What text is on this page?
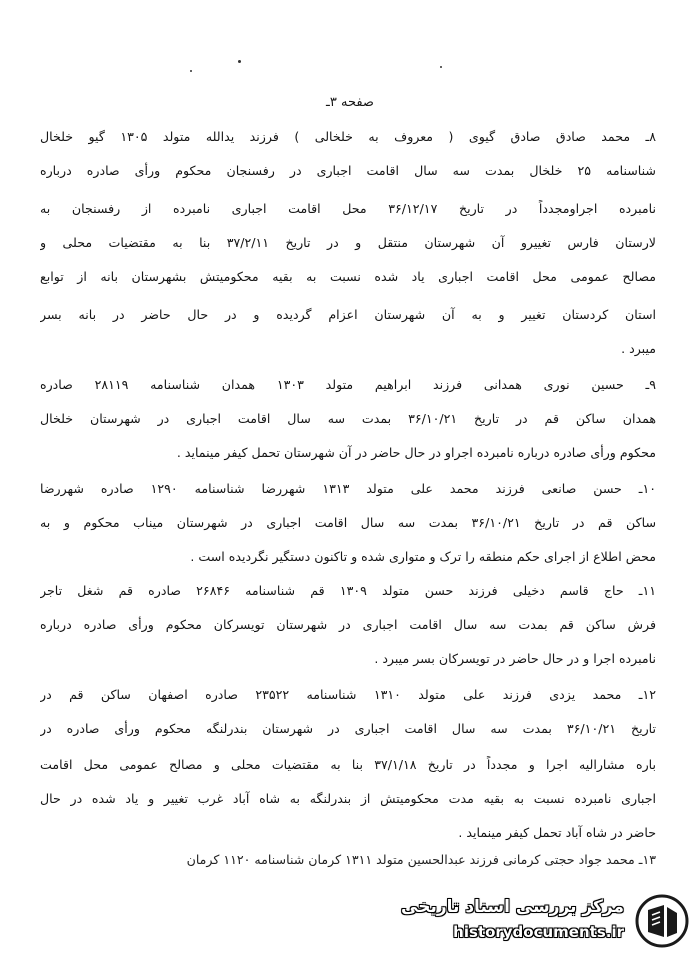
صفحه ۳ـ
۸ـ محمد صادق صادق گیوی ( معروف به خلخالی ) فرزند یدالله متولد ۱۳۰۵ گیو خلخال
شناسنامه ۲۵ خلخال بمدت سه سال اقامت اجباری در رفسنجان محکوم ورأی صادره درباره
نامبرده اجراومجدداً در تاریخ ۳۶/۱۲/۱۷ محل اقامت اجباری نامبرده از رفسنجان به
لارستان فارس تغییرو آن شهرستان منتقل و در تاریخ ۳۷/۲/۱۱ بنا به مقتضیات محلی و
مصالح عمومی محل اقامت اجباری یاد شده نسبت به بقیه محکومیتش بشهرستان بانه از توابع
استان کردستان تغییر و به آن شهرستان اعزام گردیده و در حال حاضر در بانه بسر
میبرد .
۹ـ حسین نوری همدانی فرزند ابراهیم متولد ۱۳۰۳ همدان شناسنامه ۲۸۱۱۹ صادره
همدان ساکن قم در تاریخ ۳۶/۱۰/۲۱ بمدت سه سال اقامت اجباری در شهرستان خلخال
محکوم ورأی صادره درباره نامبرده اجراو در حال حاضر در آن شهرستان تحمل کیفر مینماید .
۱۰ـ حسن صانعی فرزند محمد علی متولد ۱۳۱۳ شهررضا شناسنامه ۱۲۹۰ صادره شهررضا
ساکن قم در تاریخ ۳۶/۱۰/۲۱ بمدت سه سال اقامت اجباری در شهرستان میناب محکوم و به
محض اطلاع از اجرای حکم منطقه را ترک و متواری شده و تاکنون دستگیر نگردیده است .
۱۱ـ حاج قاسم دخیلی فرزند حسن متولد ۱۳۰۹ قم شناسنامه ۲۶۸۴۶ صادره قم شغل تاجر
فرش ساکن قم بمدت سه سال اقامت اجباری در شهرستان تویسرکان محکوم ورأی صادره درباره
نامبرده اجرا و در حال حاضر در تویسرکان بسر میبرد .
۱۲ـ محمد یزدی فرزند علی متولد ۱۳۱۰ شناسنامه ۲۳۵۲۲ صادره اصفهان ساکن قم در
تاریخ ۳۶/۱۰/۲۱ بمدت سه سال اقامت اجباری در شهرستان بندرلنگه محکوم ورأی صادره در
باره مشارالیه اجرا و مجدداً در تاریخ ۳۷/۱/۱۸ بنا به مقتضیات محلی و مصالح عمومی محل اقامت
اجباری نامبرده نسبت به بقیه مدت محکومیتش از بندرلنگه به شاه آباد غرب تغییر و یاد شده در حال
حاضر در شاه آباد تحمل کیفر مینماید .
۱۳ـ محمد جواد حجتی کرمانی فرزند عبدالحسین متولد ۱۳۱۱ کرمان شناسنامه ۱۱۲۰ کرمان
مرکز بررسی اسناد تاریخی
historydocuments.ir
